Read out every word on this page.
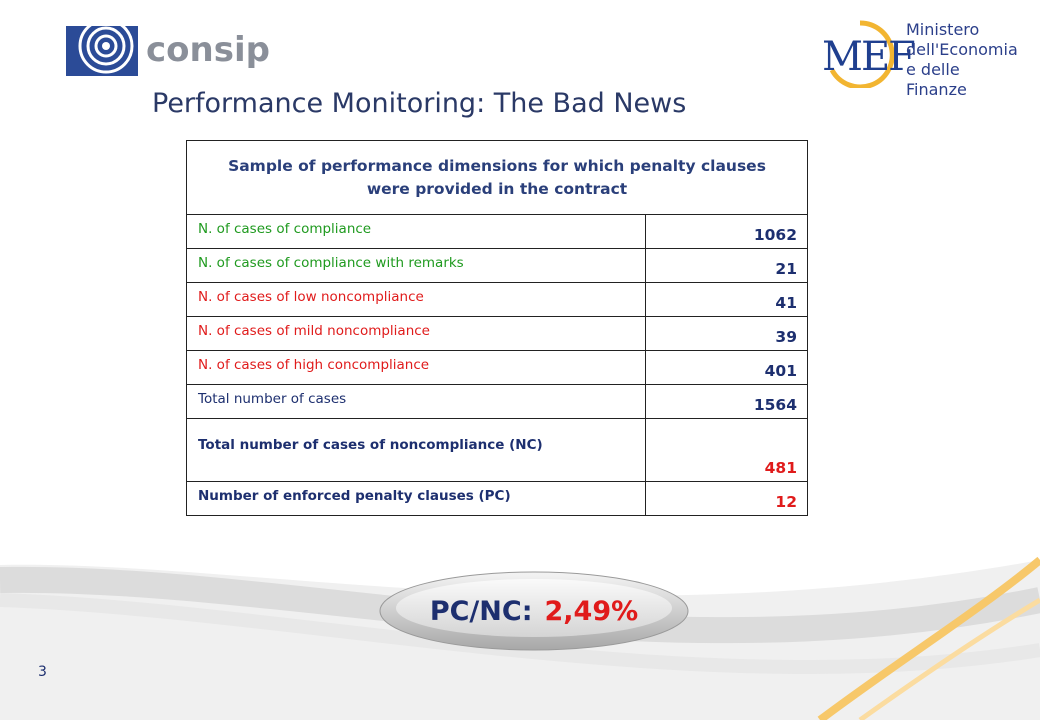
consip	MEF
Ministero
dell'Economia
e delle Finanze
Performance Monitoring: The Bad News
Sample of performance dimensions for which penalty clauses were provided in the contract	
N. of cases of compliance	1062
N. of cases of compliance with remarks	21
N. of cases of low noncompliance	41
N. of cases of mild noncompliance	39
N. of cases of high concompliance	401
Total number of cases	1564
Total number of cases of noncompliance (NC)	481
Number of enforced penalty clauses (PC)	12
PC/NC: 2,49%
3
